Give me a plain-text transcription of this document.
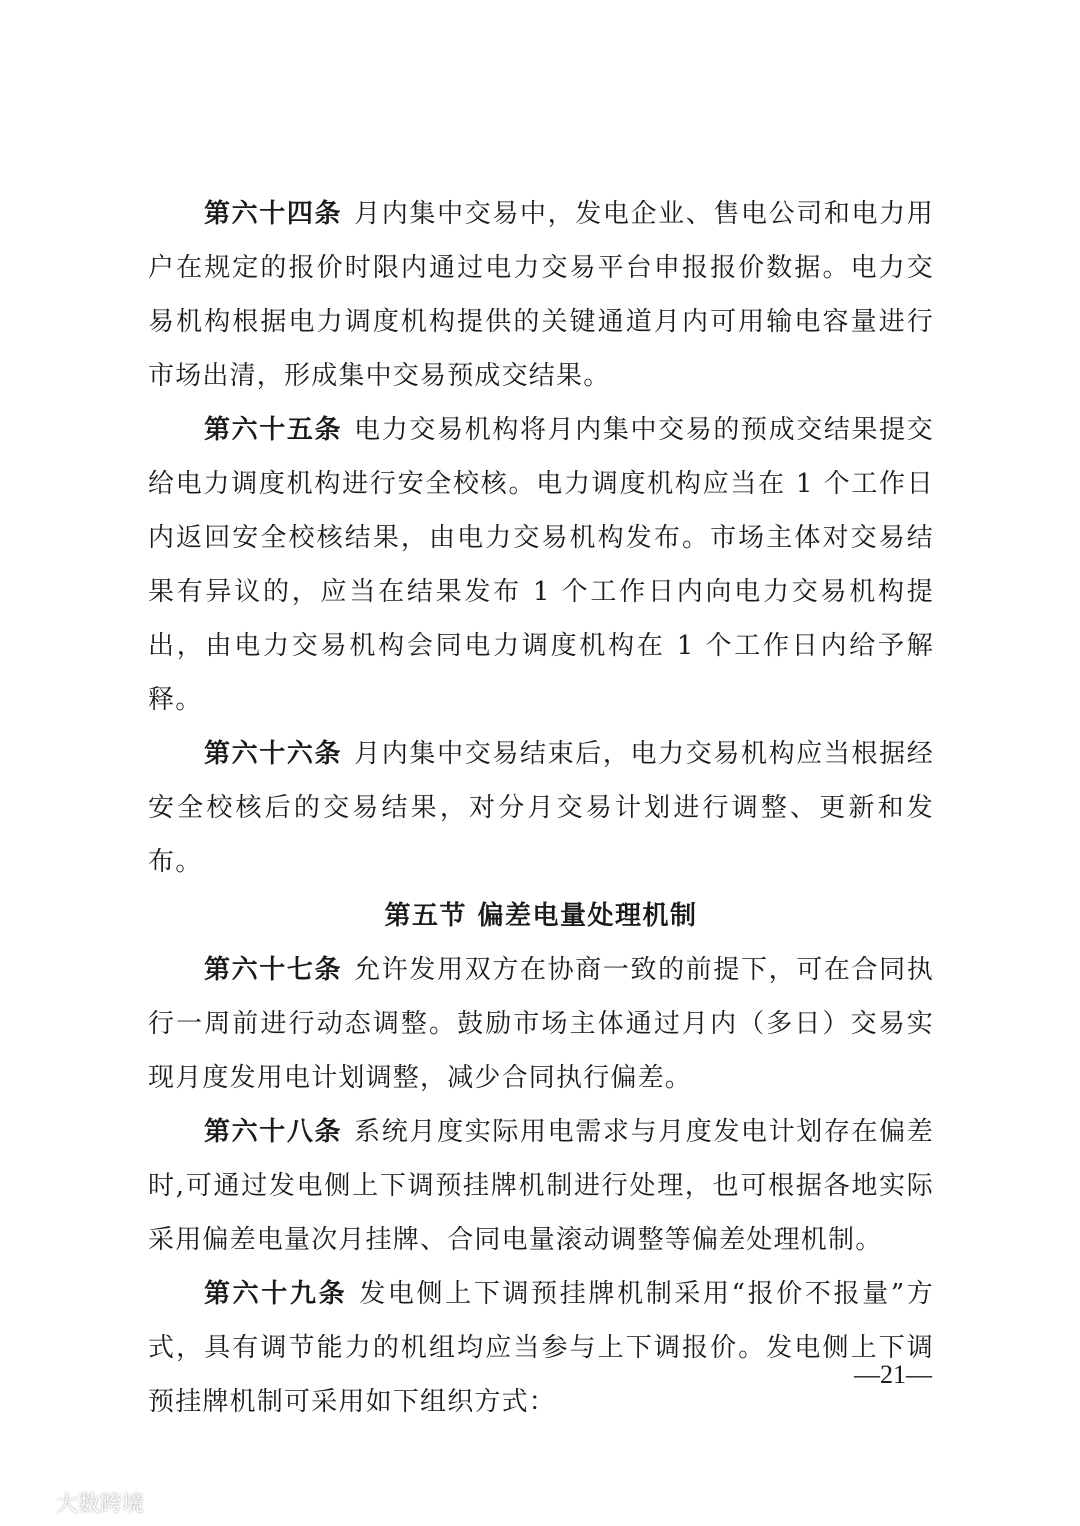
第六十四条 月内集中交易中，发电企业、售电公司和电力用户在规定的报价时限内通过电力交易平台申报报价数据。电力交易机构根据电力调度机构提供的关键通道月内可用输电容量进行市场出清，形成集中交易预成交结果。

第六十五条 电力交易机构将月内集中交易的预成交结果提交给电力调度机构进行安全校核。电力调度机构应当在 1 个工作日内返回安全校核结果，由电力交易机构发布。市场主体对交易结果有异议的，应当在结果发布 1 个工作日内向电力交易机构提出，由电力交易机构会同电力调度机构在 1 个工作日内给予解释。

第六十六条 月内集中交易结束后，电力交易机构应当根据经安全校核后的交易结果，对分月交易计划进行调整、更新和发布。

第五节 偏差电量处理机制

第六十七条 允许发用双方在协商一致的前提下，可在合同执行一周前进行动态调整。鼓励市场主体通过月内（多日）交易实现月度发用电计划调整，减少合同执行偏差。

第六十八条 系统月度实际用电需求与月度发电计划存在偏差时,可通过发电侧上下调预挂牌机制进行处理，也可根据各地实际采用偏差电量次月挂牌、合同电量滚动调整等偏差处理机制。

第六十九条 发电侧上下调预挂牌机制采用“报价不报量”方式，具有调节能力的机组均应当参与上下调报价。发电侧上下调预挂牌机制可采用如下组织方式：

—21—
大数跨境
